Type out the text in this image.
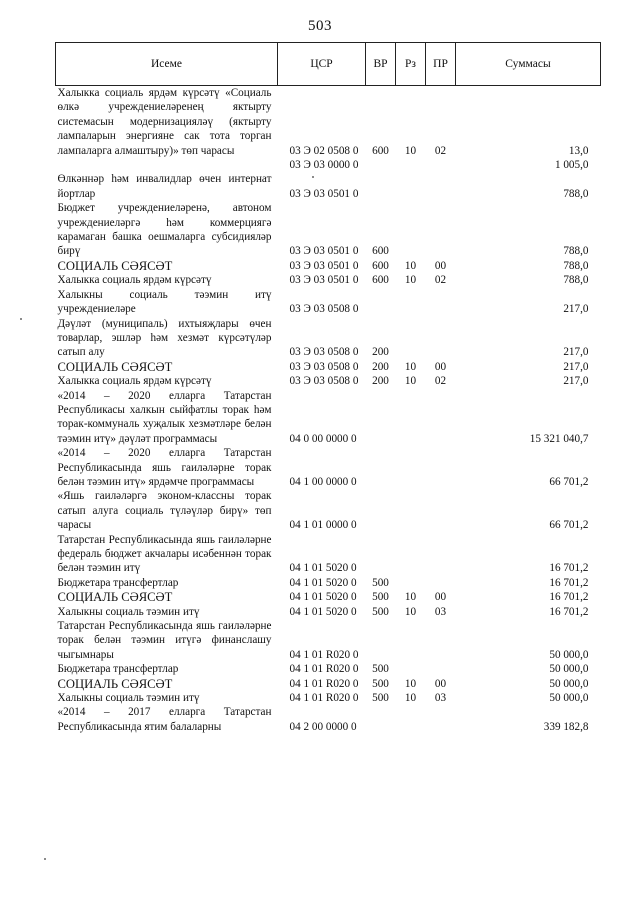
503
Исеме	ЦСР	ВР	Рз	ПР	Суммасы
Халыкка социаль ярдәм күрсәтү «Социаль өлкә учреждениеләренең яктырту системасын модернизацияләү (яктырту лампаларын энергияне сак тота торган лампаларга алмаштыру)» төп чарасы	03 Э 02 0508 0	600	10	02	13,0
	03 Э 03 0000 0				1 005,0
Өлкәннәр һәм инвалидлар өчен интернат йортлар	03 Э 03 0501 0				788,0
Бюджет учреждениеләренә, автоном учреждениеләргә һәм коммерциягә карамаган башка оешмаларга субсидияләр бирү	03 Э 03 0501 0	600			788,0
СОЦИАЛЬ СӘЯСӘТ	03 Э 03 0501 0	600	10	00	788,0
Халыкка социаль ярдәм күрсәтү	03 Э 03 0501 0	600	10	02	788,0
Халыкны социаль тәэмин итү учреждениеләре	03 Э 03 0508 0				217,0
Дәүләт (муниципаль) ихтыяҗлары өчен товарлар, эшләр һәм хезмәт күрсәтүләр сатып алу	03 Э 03 0508 0	200			217,0
СОЦИАЛЬ СӘЯСӘТ	03 Э 03 0508 0	200	10	00	217,0
Халыкка социаль ярдәм күрсәтү	03 Э 03 0508 0	200	10	02	217,0
«2014 – 2020 елларга Татарстан Республикасы халкын сыйфатлы торак һәм торак-коммуналь хуҗалык хезмәтләре белән тәэмин итү» дәүләт программасы	04 0 00 0000 0				15 321 040,7
«2014 – 2020 елларга Татарстан Республикасында яшь гаиләләрне торак белән тәэмин итү» ярдәмче программасы	04 1 00 0000 0				66 701,2
«Яшь гаиләләргә эконом-классны торак сатып алуга социаль түләүләр бирү» төп чарасы	04 1 01 0000 0				66 701,2
Татарстан Республикасында яшь гаиләләрне федераль бюджет акчалары исәбеннән торак белән тәэмин итү	04 1 01 5020 0				16 701,2
Бюджетара трансфертлар	04 1 01 5020 0	500			16 701,2
СОЦИАЛЬ СӘЯСӘТ	04 1 01 5020 0	500	10	00	16 701,2
Халыкны социаль тәэмин итү	04 1 01 5020 0	500	10	03	16 701,2
Татарстан Республикасында яшь гаиләләрне торак белән тәэмин итүгә финанслашу чыгымнары	04 1 01 R020 0				50 000,0
Бюджетара трансфертлар	04 1 01 R020 0	500			50 000,0
СОЦИАЛЬ СӘЯСӘТ	04 1 01 R020 0	500	10	00	50 000,0
Халыкны социаль тәэмин итү	04 1 01 R020 0	500	10	03	50 000,0
«2014 – 2017 елларга Татарстан Республикасында ятим балаларны	04 2 00 0000 0				339 182,8
